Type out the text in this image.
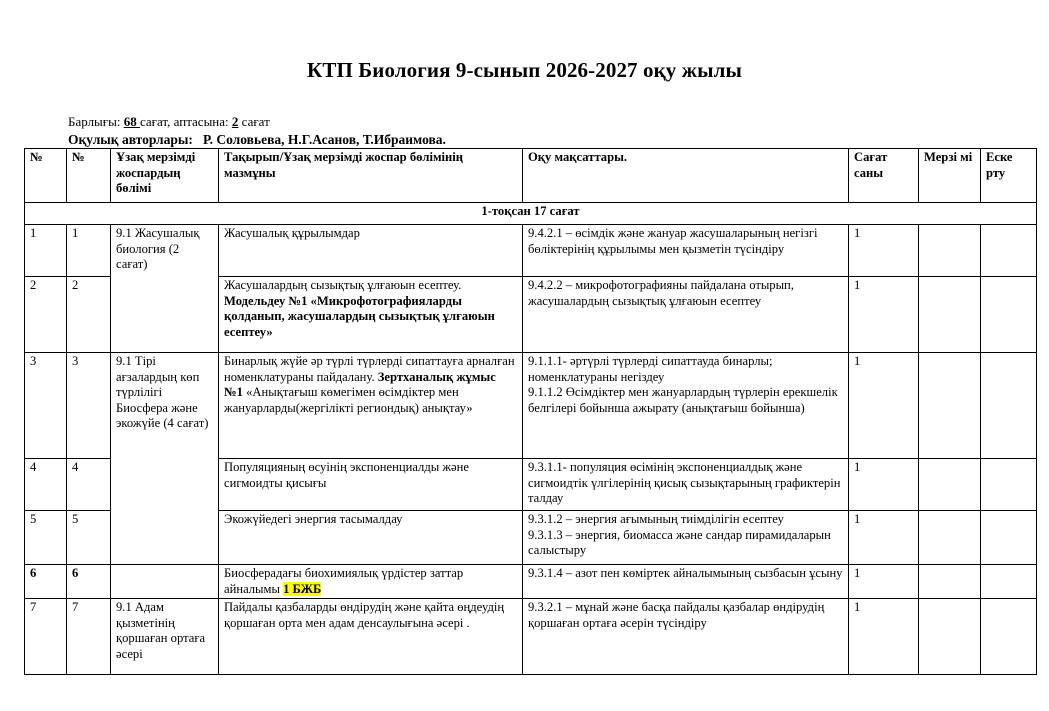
КТП Биология 9-сынып 2026-2027 оқу жылы
Барлығы: 68 сағат, аптасына: 2 сағат
Оқулық авторлары: Р. Соловьева, Н.Г.Асанов, Т.Ибраимова.
№	№	Ұзақ мерзімді жоспардың бөлімі	Тақырып/Ұзақ мерзімді жоспар бөлімінің мазмұны	Оқу мақсаттары.	Сағат саны	Мерзі мі	Еске рту
1-тоқсан 17 сағат							
1	1	9.1 Жасушалық биология (2 сағат)	Жасушалық құрылымдар	9.4.2.1 – өсімдік және жануар жасушаларының негізгі бөліктерінің құрылымы мен қызметін түсіндіру	1		
2	2		Жасушалардың сызықтық ұлғаюын есептеу. Модельдеу №1 «Микрофотографияларды қолданып, жасушалардың сызықтық ұлғаюын есептеу»	9.4.2.2 – микрофотографияны пайдалана отырып, жасушалардың сызықтық ұлғаюын есептеу	1		
3	3	9.1 Тірі ағзалардың көп түрлілігі Биосфера және экожүйе (4 сағат)	Бинарлық жүйе әр түрлі түрлерді сипаттауға арналған номенклатураны пайдалану. Зертханалық жұмыс №1 «Анықтағыш көмегімен өсімдіктер мен жануарларды(жергілікті региондық) анықтау»	9.1.1.1- әртүрлі түрлерді сипаттауда бинарлы; номенклатураны негіздеу
9.1.1.2 Өсімдіктер мен жануарлардың түрлерін ерекшелік белгілері бойынша ажырату (анықтағыш бойынша)	1		
4	4		Популяцияның өсуінің экспоненциалды және сигмоидты қисығы	9.3.1.1- популяция өсімінің экспоненциалдық және сигмоидтік үлгілерінің қисық сызықтарының графиктерін талдау	1		
5	5		Экожүйедегі энергия тасымалдау	9.3.1.2 – энергия ағымының тиімділігін есептеу
9.3.1.3 – энергия, биомасса және сандар пирамидаларын салыстыру	1		
6	6		Биосферадағы биохимиялық үрдістер заттар айналымы 1 БЖБ	9.3.1.4 – азот пен көміртек айналымының сызбасын ұсыну	1		
7	7	9.1 Адам қызметінің қоршаған ортаға әсері	Пайдалы қазбаларды өндірудің және қайта өңдеудің қоршаған орта мен адам денсаулығына әсері .	9.3.2.1 – мұнай және басқа пайдалы қазбалар өндірудің қоршаған ортаға әсерін түсіндіру	1		
